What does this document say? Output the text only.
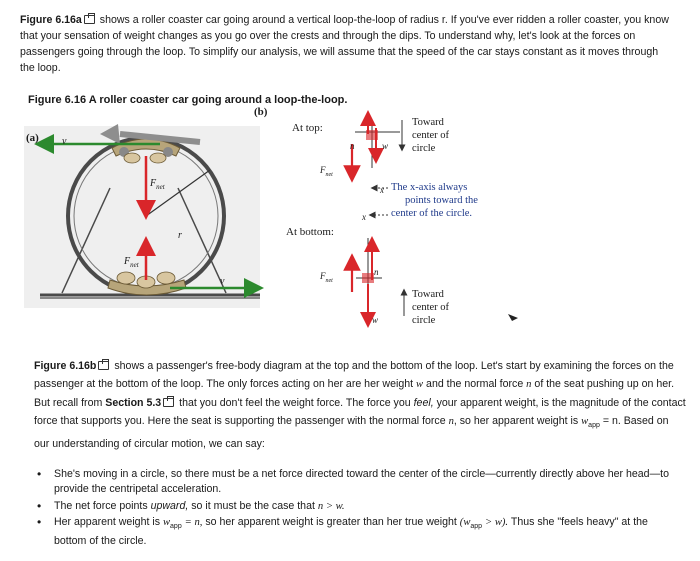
Figure 6.16a shows a roller coaster car going around a vertical loop-the-loop of radius r. If you've ever ridden a roller coaster, you know
that your sensation of weight changes as you go over the crests and through the dips. To understand why, let's look at the forces on
passengers going through the loop. To simplify our analysis, we will assume that the speed of the car stays constant as it moves through
the loop.
Figure 6.16 A roller coaster car going around a loop-the-loop.
(a)
(b)
At top:
At bottom:
Toward
center of
circle
Toward
center of
circle
The x-axis always
points toward the
center of the circle.
v
v
$F_{net}$
$F_{net}$
r
n	w
$F_{net}$
x
x
n
w
$F_{net}$
Figure 6.16b shows a passenger's free-body diagram at the top and the bottom of the loop. Let's start by examining the forces on the
passenger at the bottom of the loop. The only forces acting on her are her weight w and the normal force n of the seat pushing up on her.
But recall from Section 5.3 that you don't feel the weight force. The force you feel, your apparent weight, is the magnitude of the contact
force that supports you. Here the seat is supporting the passenger with the normal force n, so her apparent weight is $w_{app} = n$. Based on
our understanding of circular motion, we can say:
• She's moving in a circle, so there must be a net force directed toward the center of the circle—currently directly above her head—to
provide the centripetal acceleration.
• The net force points upward, so it must be the case that n > w.
• Her apparent weight is $w_{app} = n$, so her apparent weight is greater than her true weight $(w_{app} > w)$. Thus she "feels heavy" at the
bottom of the circle.
